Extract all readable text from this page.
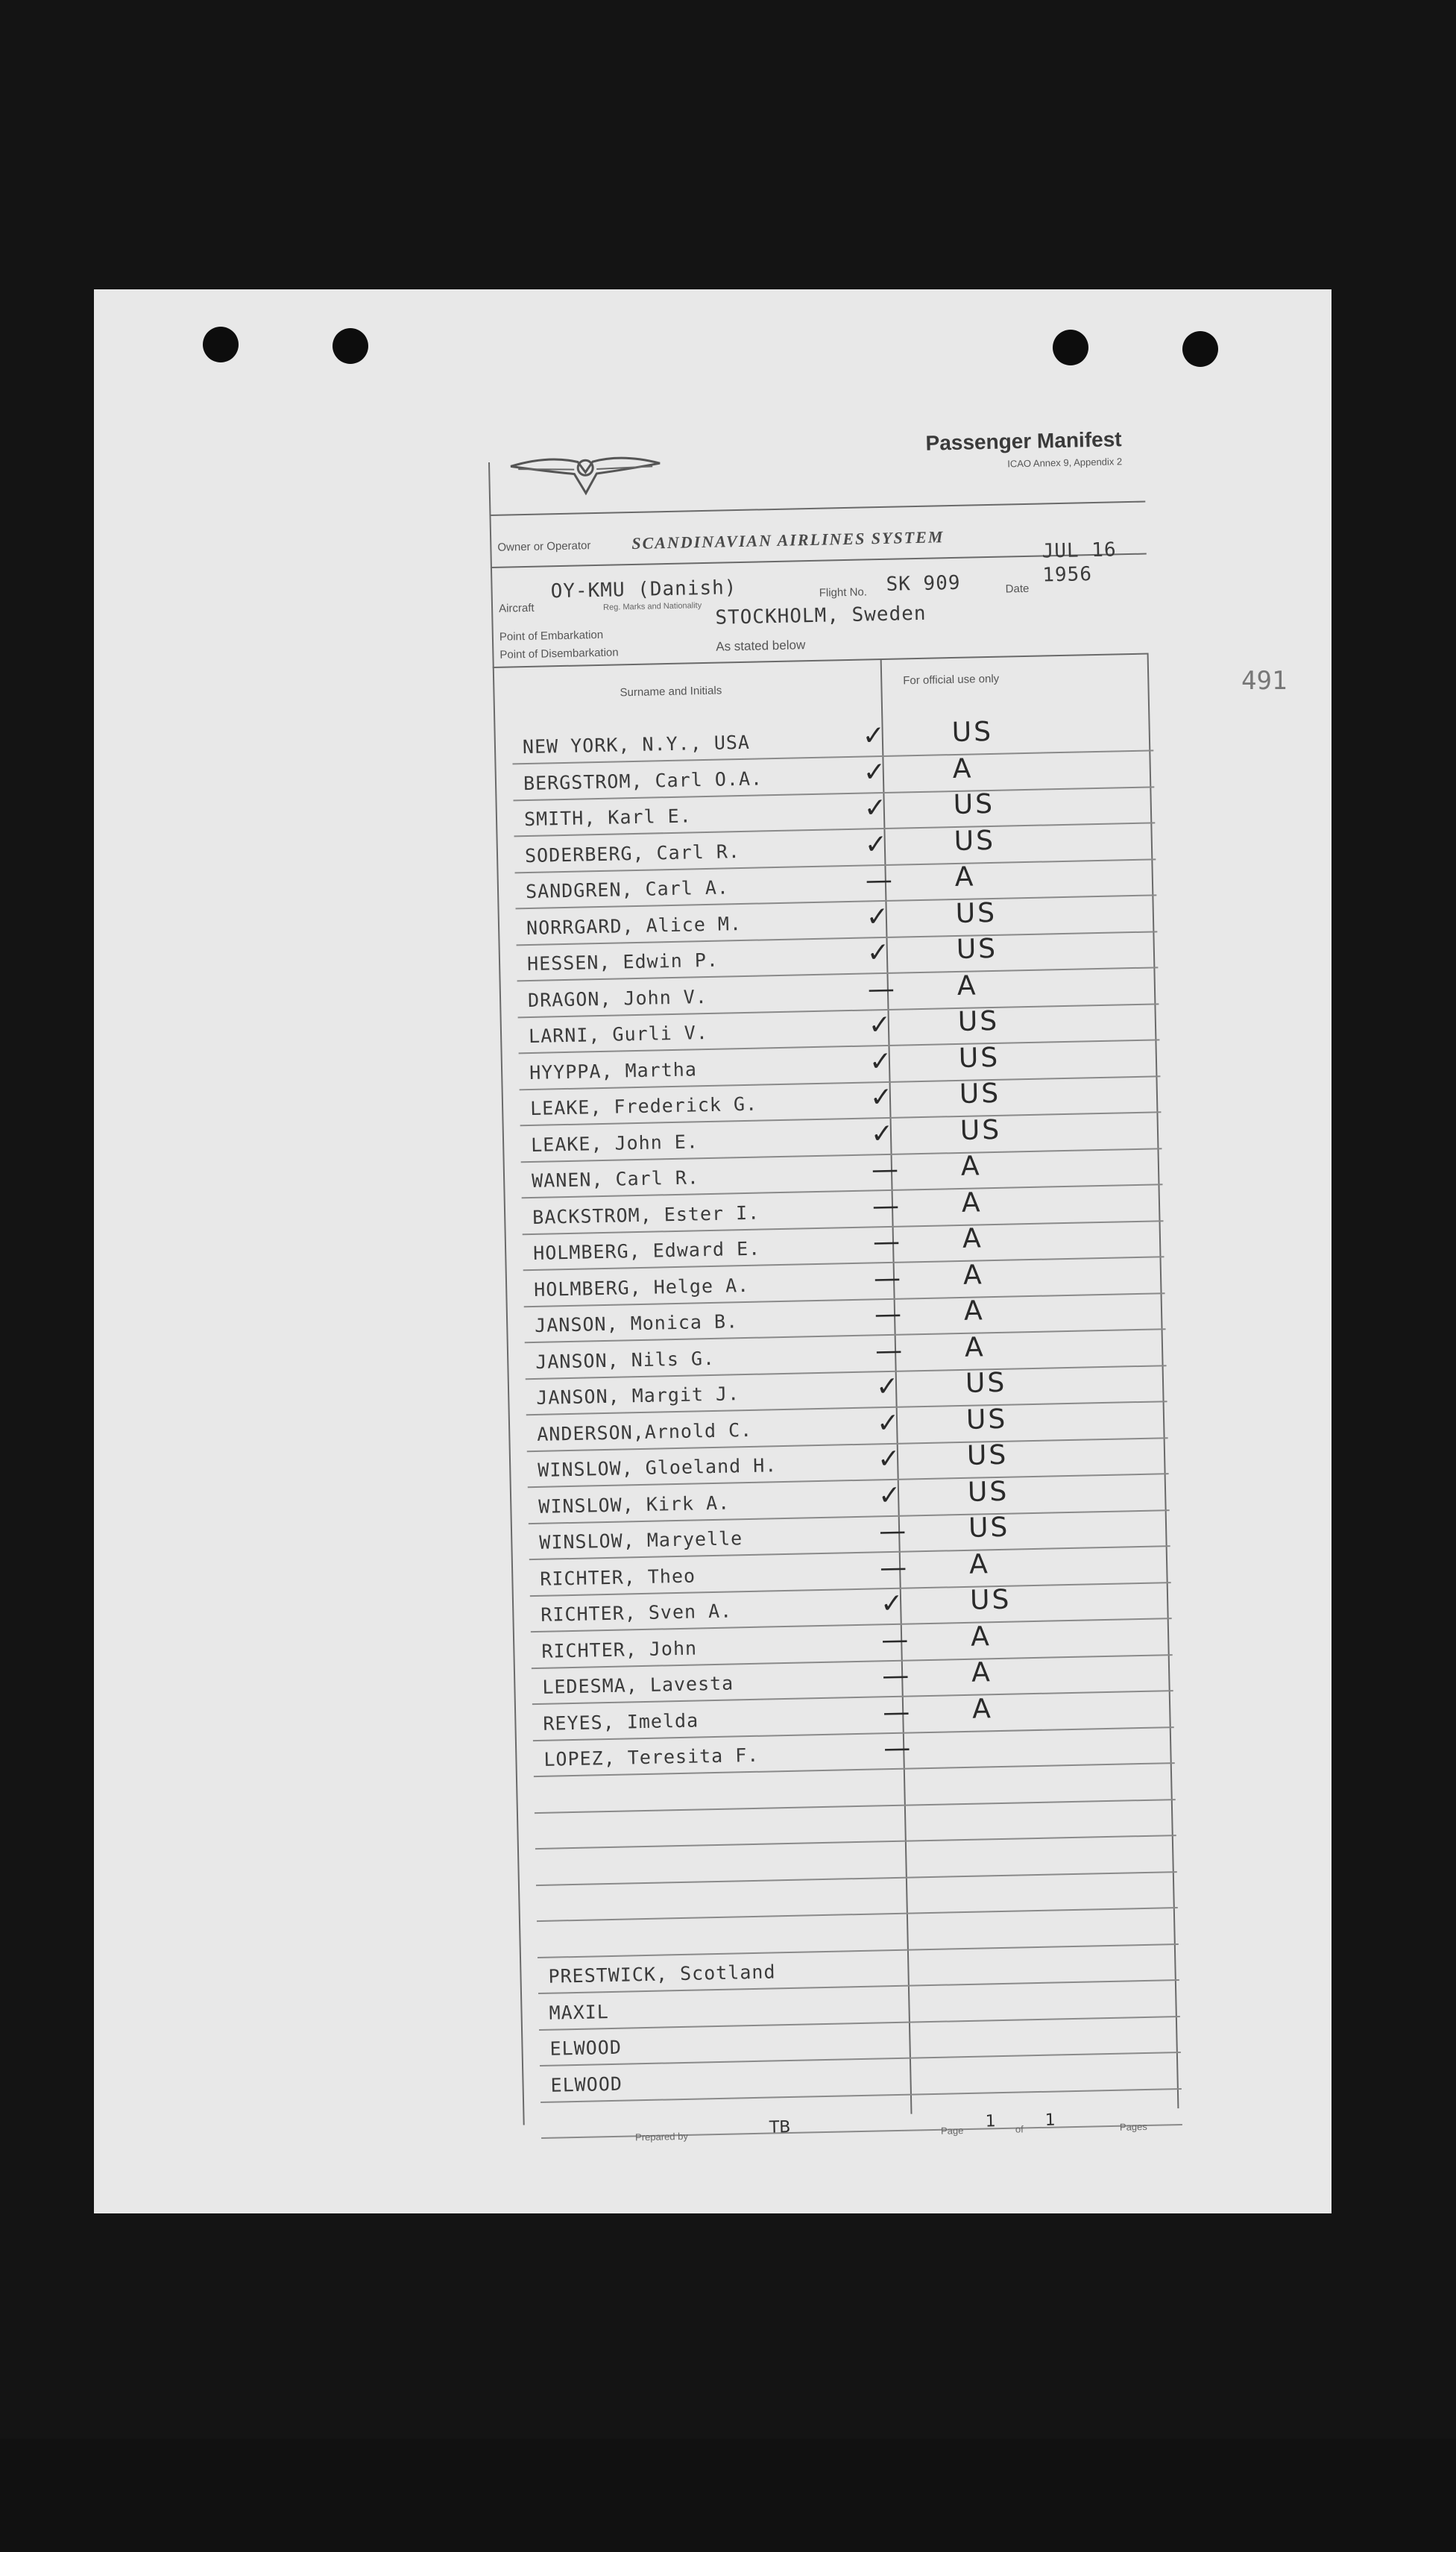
491
Passenger Manifest
ICAO Annex 9, Appendix 2
Owner or Operator SCANDINAVIAN AIRLINES SYSTEM
Aircraft
OY-KMU (Danish)
Reg. Marks and Nationality
Flight No. SK 909	Date
JUL 16
1956
STOCKHOLM, Sweden
Point of Embarkation
Point of Disembarkation	As stated below
Surname and Initials
For official use only
NEW YORK, N.Y., USA	✓ US
BERGSTROM, Carl O.A.	✓ A
SMITH, Karl E.	✓ US
SODERBERG, Carl R.	✓ US
SANDGREN, Carl A.	— A
NORRGARD, Alice M.	✓ US
HESSEN, Edwin P.	✓ US
DRAGON, John V.	— A
LARNI, Gurli V.	✓ US
HYYPPA, Martha	✓ US
LEAKE, Frederick G.	✓ US
LEAKE, John E.	✓ US
WANEN, Carl R.	— A
BACKSTROM, Ester I.	— A
HOLMBERG, Edward E.	— A
HOLMBERG, Helge A.	— A
JANSON, Monica B.	— A
JANSON, Nils G.	— A
JANSON, Margit J.	✓ US
ANDERSON,Arnold C.	✓ US
WINSLOW, Gloeland H.	✓ US
WINSLOW, Kirk A.	✓ US
WINSLOW, Maryelle	— US
RICHTER, Theo	— A
RICHTER, Sven A.	✓ US
RICHTER, John	— A
LEDESMA, Lavesta	— A
REYES, Imelda	— A
LOPEZ, Teresita F.	—
PRESTWICK, Scotland
MAXIL
ELWOOD
ELWOOD
Prepared by	TB	Page 1 of 1	Pages
